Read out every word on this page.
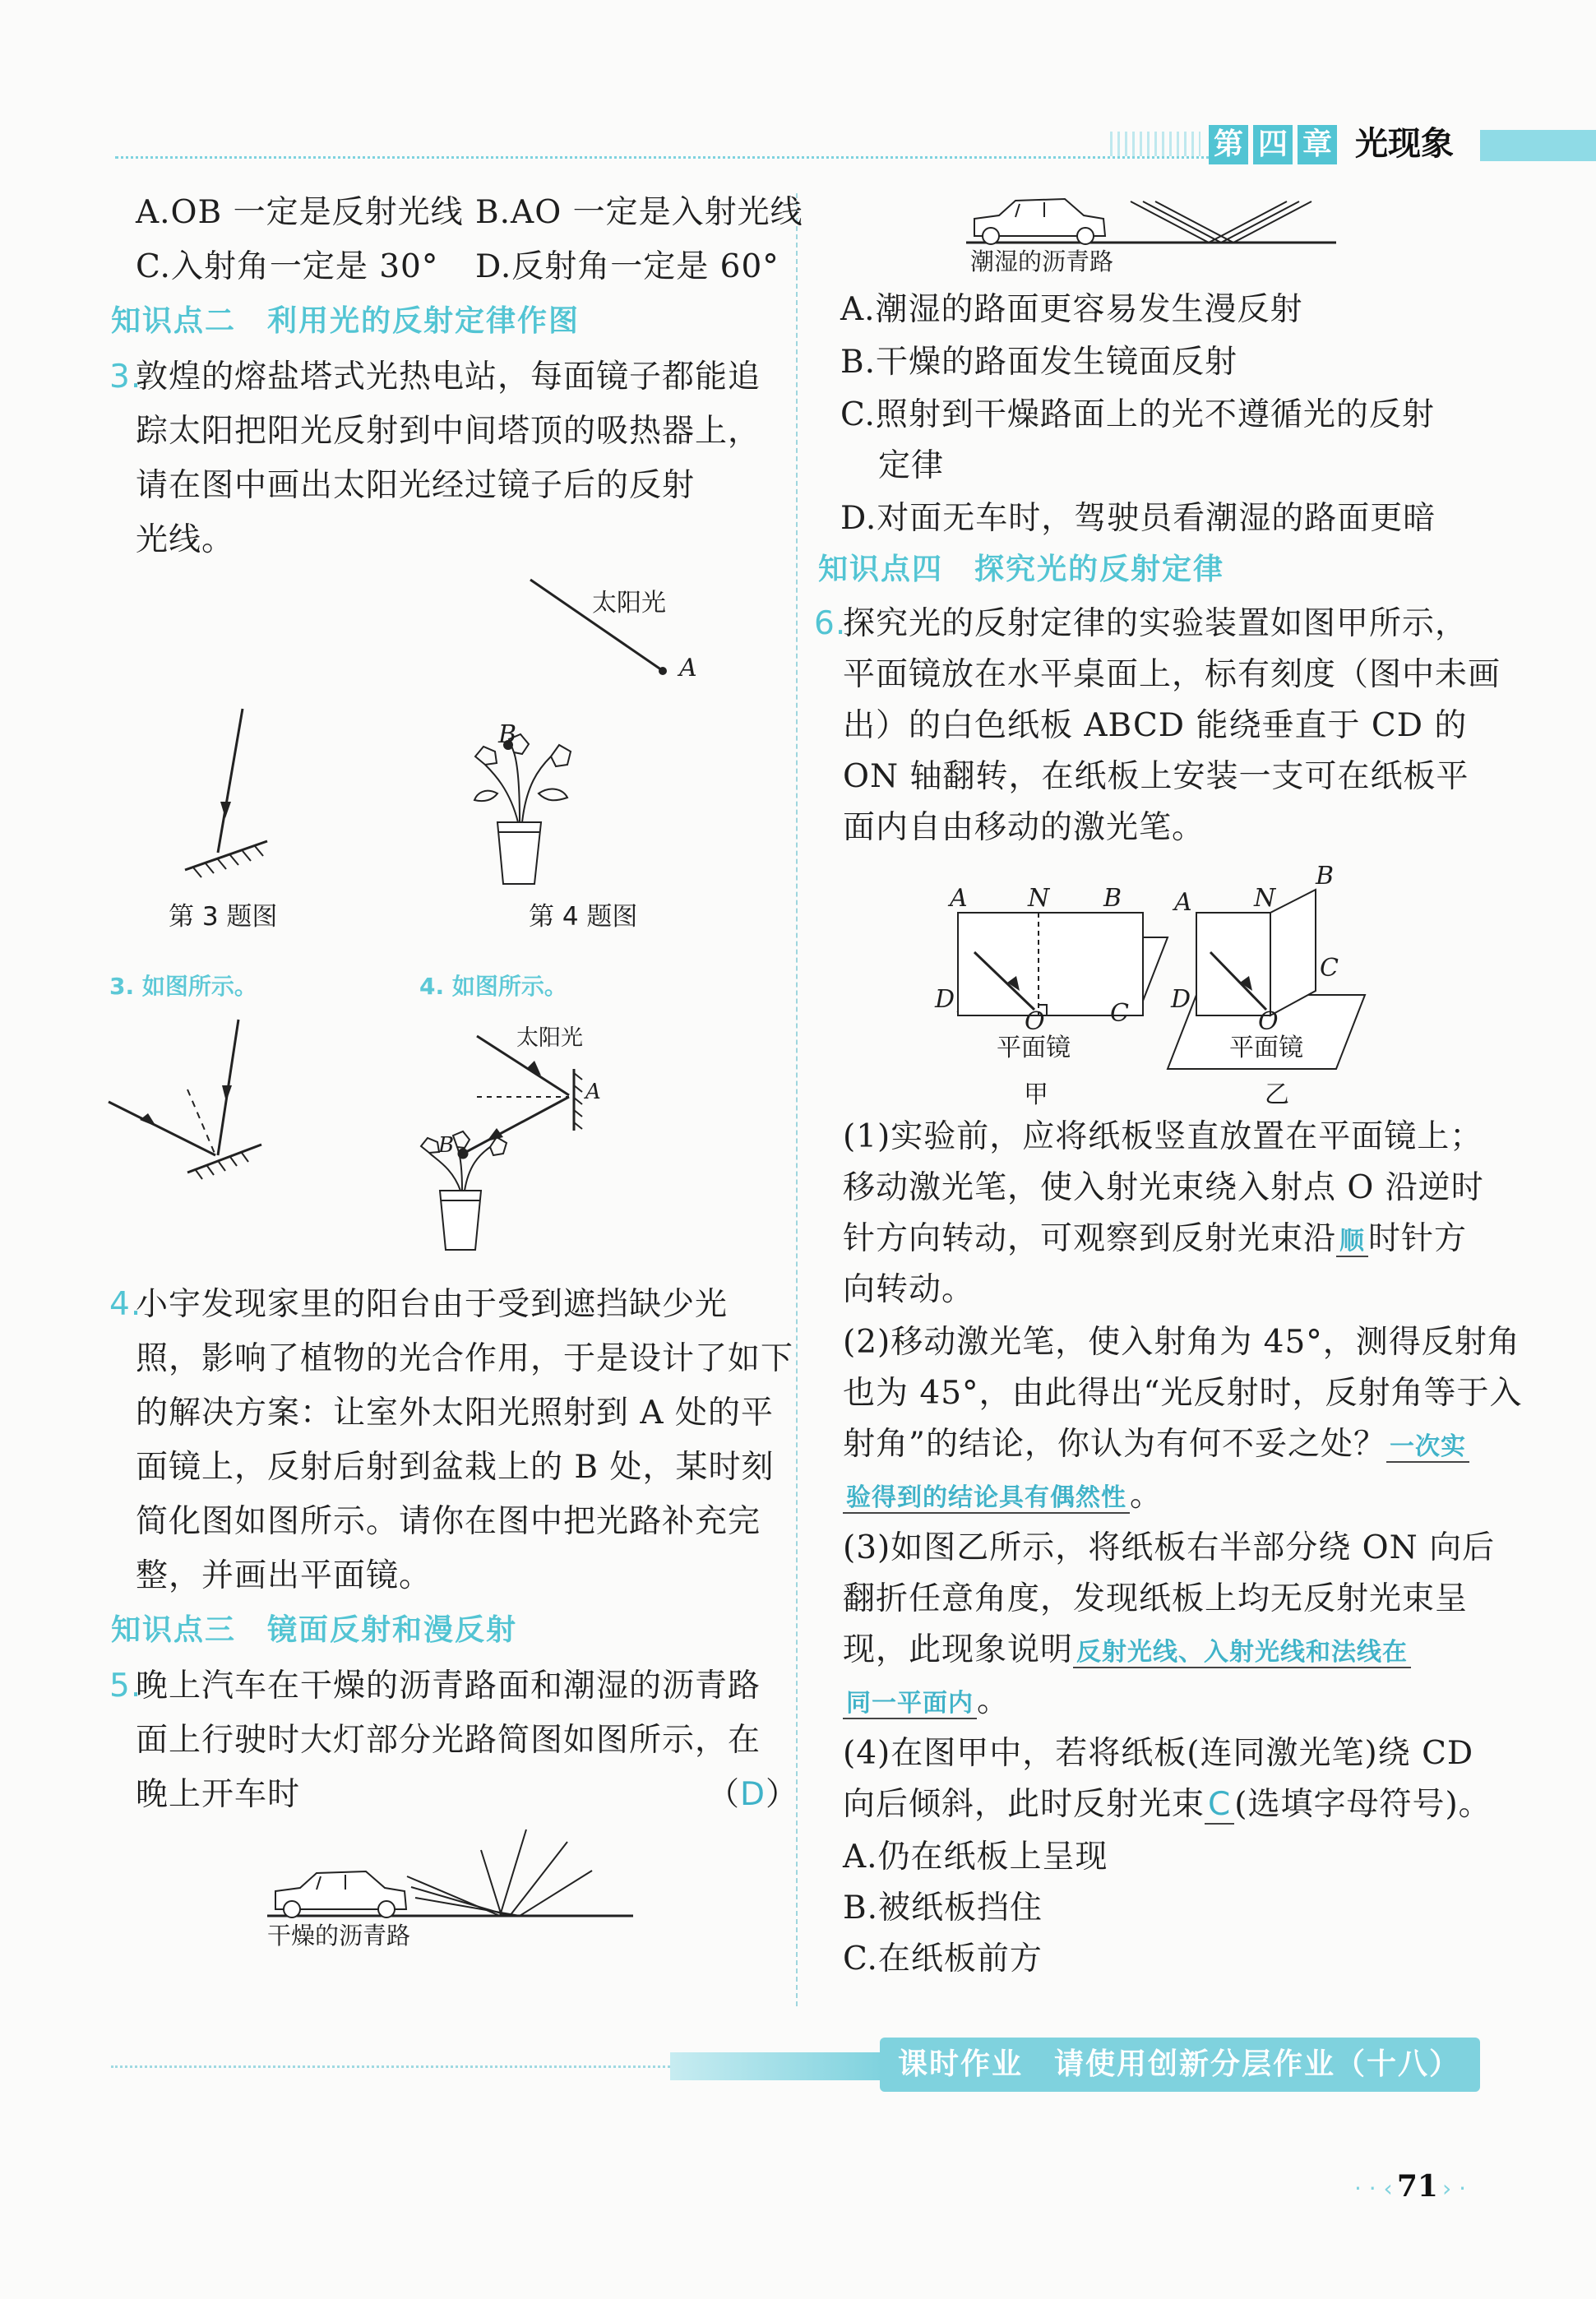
第 四 章 光现象
A.OB 一定是反射光线 B.AO 一定是入射光线
C.入射角一定是 30° D.反射角一定是 60°
知识点二　利用光的反射定律作图
3.
敦煌的熔盐塔式光热电站，每面镜子都能追
踪太阳把阳光反射到中间塔顶的吸热器上，
请在图中画出太阳光经过镜子后的反射
光线。
太阳光
A
B
第 3 题图	第 4 题图
3. 如图所示。	4. 如图所示。
太阳光
A
B
4.
小宇发现家里的阳台由于受到遮挡缺少光
照，影响了植物的光合作用，于是设计了如下
的解决方案：让室外太阳光照射到 A 处的平
面镜上，反射后射到盆栽上的 B 处，某时刻
简化图如图所示。请你在图中把光路补充完
整，并画出平面镜。
知识点三　镜面反射和漫反射
5.
晚上汽车在干燥的沥青路面和潮湿的沥青路
面上行驶时大灯部分光路简图如图所示，在
晚上开车时	（D）
干燥的沥青路
潮湿的沥青路
A.潮湿的路面更容易发生漫反射
B.干燥的路面发生镜面反射
C.照射到干燥路面上的光不遵循光的反射
定律
D.对面无车时，驾驶员看潮湿的路面更暗
知识点四　探究光的反射定律
6.
探究光的反射定律的实验装置如图甲所示，
平面镜放在水平桌面上，标有刻度（图中未画
出）的白色纸板 ABCD 能绕垂直于 CD 的
ON 轴翻转，在纸板上安装一支可在纸板平
面内自由移动的激光笔。
A N B
D
O	C
平面镜
甲
A	N
B
C
D
O
平面镜
乙
(1)实验前，应将纸板竖直放置在平面镜上；
移动激光笔，使入射光束绕入射点 O 沿逆时
针方向转动，可观察到反射光束沿 顺 时针方
向转动。
(2)移动激光笔，使入射角为 45°，测得反射角
也为 45°，由此得出“光反射时，反射角等于入
射角”的结论，你认为有何不妥之处？ 一次实
验得到的结论具有偶然性 。
(3)如图乙所示，将纸板右半部分绕 ON 向后
翻折任意角度，发现纸板上均无反射光束呈
现，此现象说明 反射光线、入射光线和法线在
同一平面内 。
(4)在图甲中，若将纸板(连同激光笔)绕 CD
向后倾斜，此时反射光束 C (选填字母符号)。
A.仍在纸板上呈现
B.被纸板挡住
C.在纸板前方
课时作业　请使用创新分层作业（十八）
· · ‹ 71 › ·
